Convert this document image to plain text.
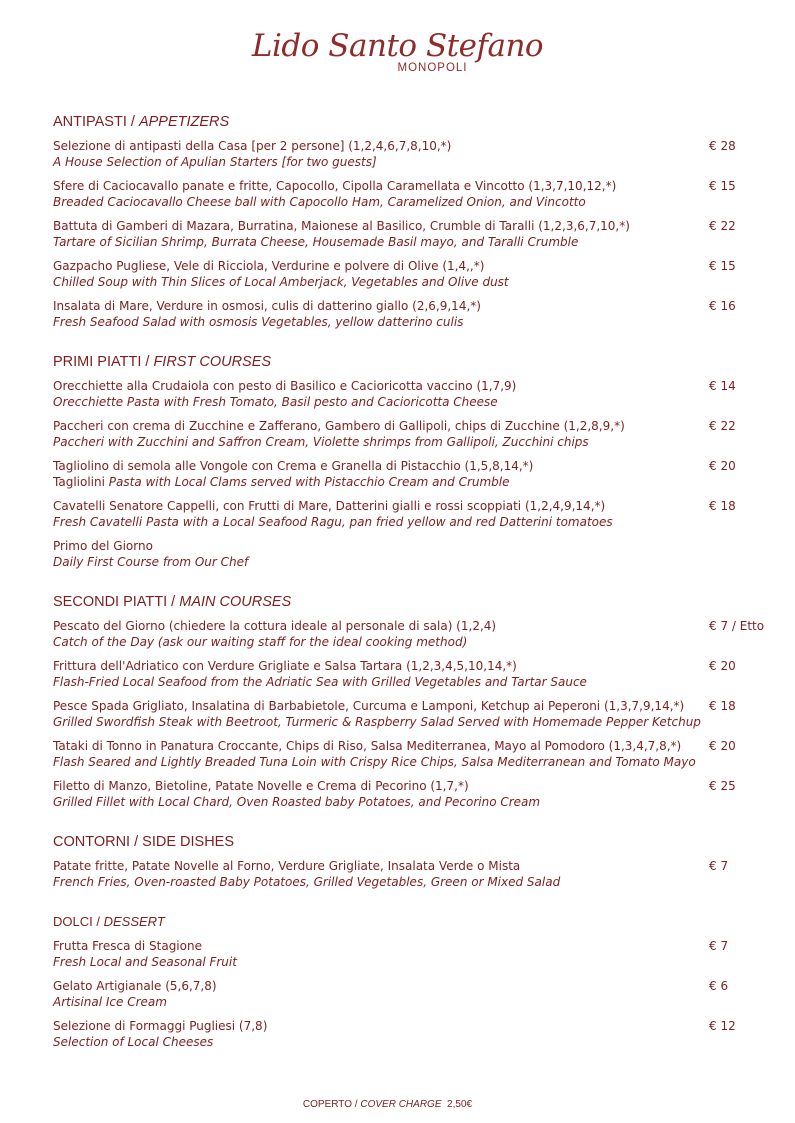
Lido Santo Stefano
MONOPOLI
ANTIPASTI / APPETIZERS
Selezione di antipasti della Casa [per 2 persone] (1,2,4,6,7,8,10,*)
A House Selection of Apulian Starters [for two guests]
€ 28
Sfere di Caciocavallo panate e fritte, Capocollo, Cipolla Caramellata e Vincotto (1,3,7,10,12,*)
Breaded Caciocavallo Cheese ball with Capocollo Ham, Caramelized Onion, and Vincotto
€ 15
Battuta di Gamberi di Mazara, Burratina, Maionese al Basilico, Crumble di Taralli (1,2,3,6,7,10,*)
Tartare of Sicilian Shrimp, Burrata Cheese, Housemade Basil mayo, and Taralli Crumble
€ 22
Gazpacho Pugliese, Vele di Ricciola, Verdurine e polvere di Olive (1,4,,*)
Chilled Soup with Thin Slices of Local Amberjack, Vegetables and Olive dust
€ 15
Insalata di Mare, Verdure in osmosi, culis di datterino giallo (2,6,9,14,*)
Fresh Seafood Salad with osmosis Vegetables, yellow datterino culis
€ 16
PRIMI PIATTI / FIRST COURSES
Orecchiette alla Crudaiola con pesto di Basilico e Cacioricotta vaccino (1,7,9)
Orecchiette Pasta with Fresh Tomato, Basil pesto and Cacioricotta Cheese
€ 14
Paccheri con crema di Zucchine e Zafferano, Gambero di Gallipoli, chips di Zucchine (1,2,8,9,*)
Paccheri with Zucchini and Saffron Cream, Violette shrimps from Gallipoli, Zucchini chips
€ 22
Tagliolino di semola alle Vongole con Crema e Granella di Pistacchio (1,5,8,14,*)
Tagliolini Pasta with Local Clams served with Pistacchio Cream and Crumble
€ 20
Cavatelli Senatore Cappelli, con Frutti di Mare, Datterini gialli e rossi scoppiati (1,2,4,9,14,*)
Fresh Cavatelli Pasta with a Local Seafood Ragu, pan fried yellow and red Datterini tomatoes
€ 18
Primo del Giorno
Daily First Course from Our Chef
SECONDI PIATTI / MAIN COURSES
Pescato del Giorno (chiedere la cottura ideale al personale di sala) (1,2,4)
Catch of the Day (ask our waiting staff for the ideal cooking method)
€ 7 / Etto
Frittura dell'Adriatico con Verdure Grigliate e Salsa Tartara (1,2,3,4,5,10,14,*)
Flash-Fried Local Seafood from the Adriatic Sea with Grilled Vegetables and Tartar Sauce
€ 20
Pesce Spada Grigliato, Insalatina di Barbabietole, Curcuma e Lamponi, Ketchup ai Peperoni (1,3,7,9,14,*)
Grilled Swordfish Steak with Beetroot, Turmeric & Raspberry Salad Served with Homemade Pepper Ketchup
€ 18
Tataki di Tonno in Panatura Croccante, Chips di Riso, Salsa Mediterranea, Mayo al Pomodoro (1,3,4,7,8,*)
Flash Seared and Lightly Breaded Tuna Loin with Crispy Rice Chips, Salsa Mediterranean and Tomato Mayo
€ 20
Filetto di Manzo, Bietoline, Patate Novelle e Crema di Pecorino (1,7,*)
Grilled Fillet with Local Chard, Oven Roasted baby Potatoes, and Pecorino Cream
€ 25
CONTORNI / SIDE DISHES
Patate fritte, Patate Novelle al Forno, Verdure Grigliate, Insalata Verde o Mista
French Fries, Oven-roasted Baby Potatoes, Grilled Vegetables, Green or Mixed Salad
€ 7
DOLCI / DESSERT
Frutta Fresca di Stagione
Fresh Local and Seasonal Fruit
€ 7
Gelato Artigianale (5,6,7,8)
Artisinal Ice Cream
€ 6
Selezione di Formaggi Pugliesi (7,8)
Selection of Local Cheeses
€ 12
COPERTO / COVER CHARGE 2,50€
